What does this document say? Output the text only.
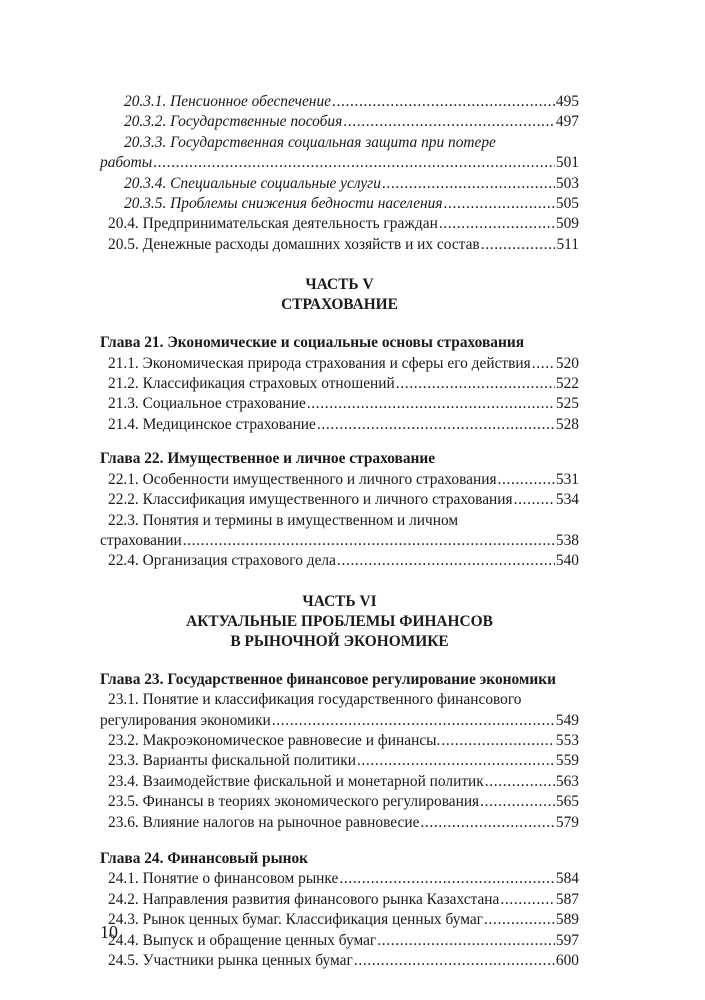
20.3.1. Пенсионное обеспечение . . .	495
20.3.2. Государственные пособия . . .	497
20.3.3. Государственная социальная защита при потере
работы . . .	501
20.3.4. Специальные социальные услуги . . .	503
20.3.5. Проблемы снижения бедности населения . . .	505
20.4. Предпринимательская деятельность граждан . . .	509
20.5. Денежные расходы домашних хозяйств и их состав . . .	511
ЧАСТЬ V
СТРАХОВАНИЕ
Глава 21. Экономические и социальные основы страхования
21.1. Экономическая природа страхования и сферы его действия . . . 520
21.2. Классификация страховых отношений . . .	522
21.3. Социальное страхование . . .	525
21.4. Медицинское страхование . . .	528
Глава 22. Имущественное и личное страхование
22.1. Особенности имущественного и личного страхования . . .	531
22.2. Классификация имущественного и личного страхования . . .	534
22.3. Понятия и термины в имущественном и личном
страховании . . .	538
22.4. Организация страхового дела . . .	540
ЧАСТЬ VI
АКТУАЛЬНЫЕ ПРОБЛЕМЫ ФИНАНСОВ
В РЫНОЧНОЙ ЭКОНОМИКЕ
Глава 23. Государственное финансовое регулирование экономики
23.1. Понятие и классификация государственного финансового
регулирования экономики . . .	549
23.2. Макроэкономическое равновесие и финансы. . . .	553
23.3. Варианты фискальной политики . . .	559
23.4. Взаимодействие фискальной и монетарной политик . . .	563
23.5. Финансы в теориях экономического регулирования . . .	565
23.6. Влияние налогов на рыночное равновесие . . .	579
Глава 24. Финансовый рынок
24.1. Понятие о финансовом рынке . . .	584
24.2. Направления развития финансового рынка Казахстана . . .	587
24.3. Рынок ценных бумаг. Классификация ценных бумаг . . .	589
24.4. Выпуск и обращение ценных бумаг . . .	597
24.5. Участники рынка ценных бумаг . . .	600
10
